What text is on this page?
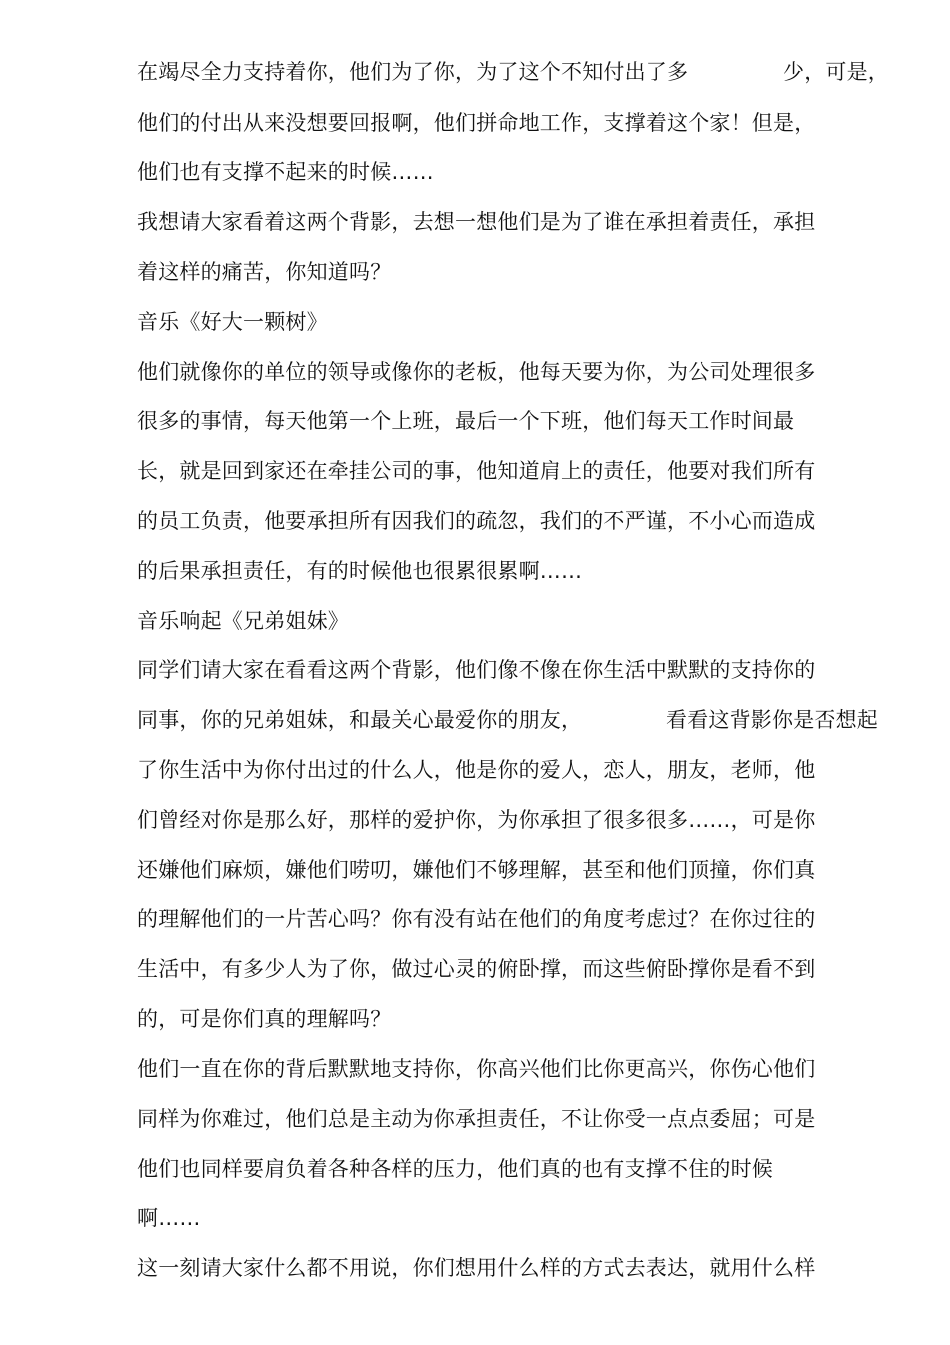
在竭尽全力支持着你，他们为了你，为了这个不知付出了多	少，可是，
他们的付出从来没想要回报啊，他们拼命地工作，支撑着这个家！但是，
他们也有支撑不起来的时候……
我想请大家看着这两个背影，去想一想他们是为了谁在承担着责任，承担
着这样的痛苦，你知道吗？
音乐《好大一颗树》
他们就像你的单位的领导或像你的老板，他每天要为你，为公司处理很多
很多的事情，每天他第一个上班，最后一个下班，他们每天工作时间最
长，就是回到家还在牵挂公司的事，他知道肩上的责任，他要对我们所有
的员工负责，他要承担所有因我们的疏忽，我们的不严谨，不小心而造成
的后果承担责任，有的时候他也很累很累啊……
音乐响起《兄弟姐妹》
同学们请大家在看看这两个背影，他们像不像在你生活中默默的支持你的
同事，你的兄弟姐妹，和最关心最爱你的朋友，	看看这背影你是否想起
了你生活中为你付出过的什么人，他是你的爱人，恋人，朋友，老师，他
们曾经对你是那么好，那样的爱护你，为你承担了很多很多……，可是你
还嫌他们麻烦，嫌他们唠叨，嫌他们不够理解，甚至和他们顶撞，你们真
的理解他们的一片苦心吗？你有没有站在他们的角度考虑过？在你过往的
生活中，有多少人为了你，做过心灵的俯卧撑，而这些俯卧撑你是看不到
的，可是你们真的理解吗？
他们一直在你的背后默默地支持你，你高兴他们比你更高兴，你伤心他们
同样为你难过，他们总是主动为你承担责任，不让你受一点点委屈；可是
他们也同样要肩负着各种各样的压力，他们真的也有支撑不住的时候
啊……
这一刻请大家什么都不用说，你们想用什么样的方式去表达，就用什么样
